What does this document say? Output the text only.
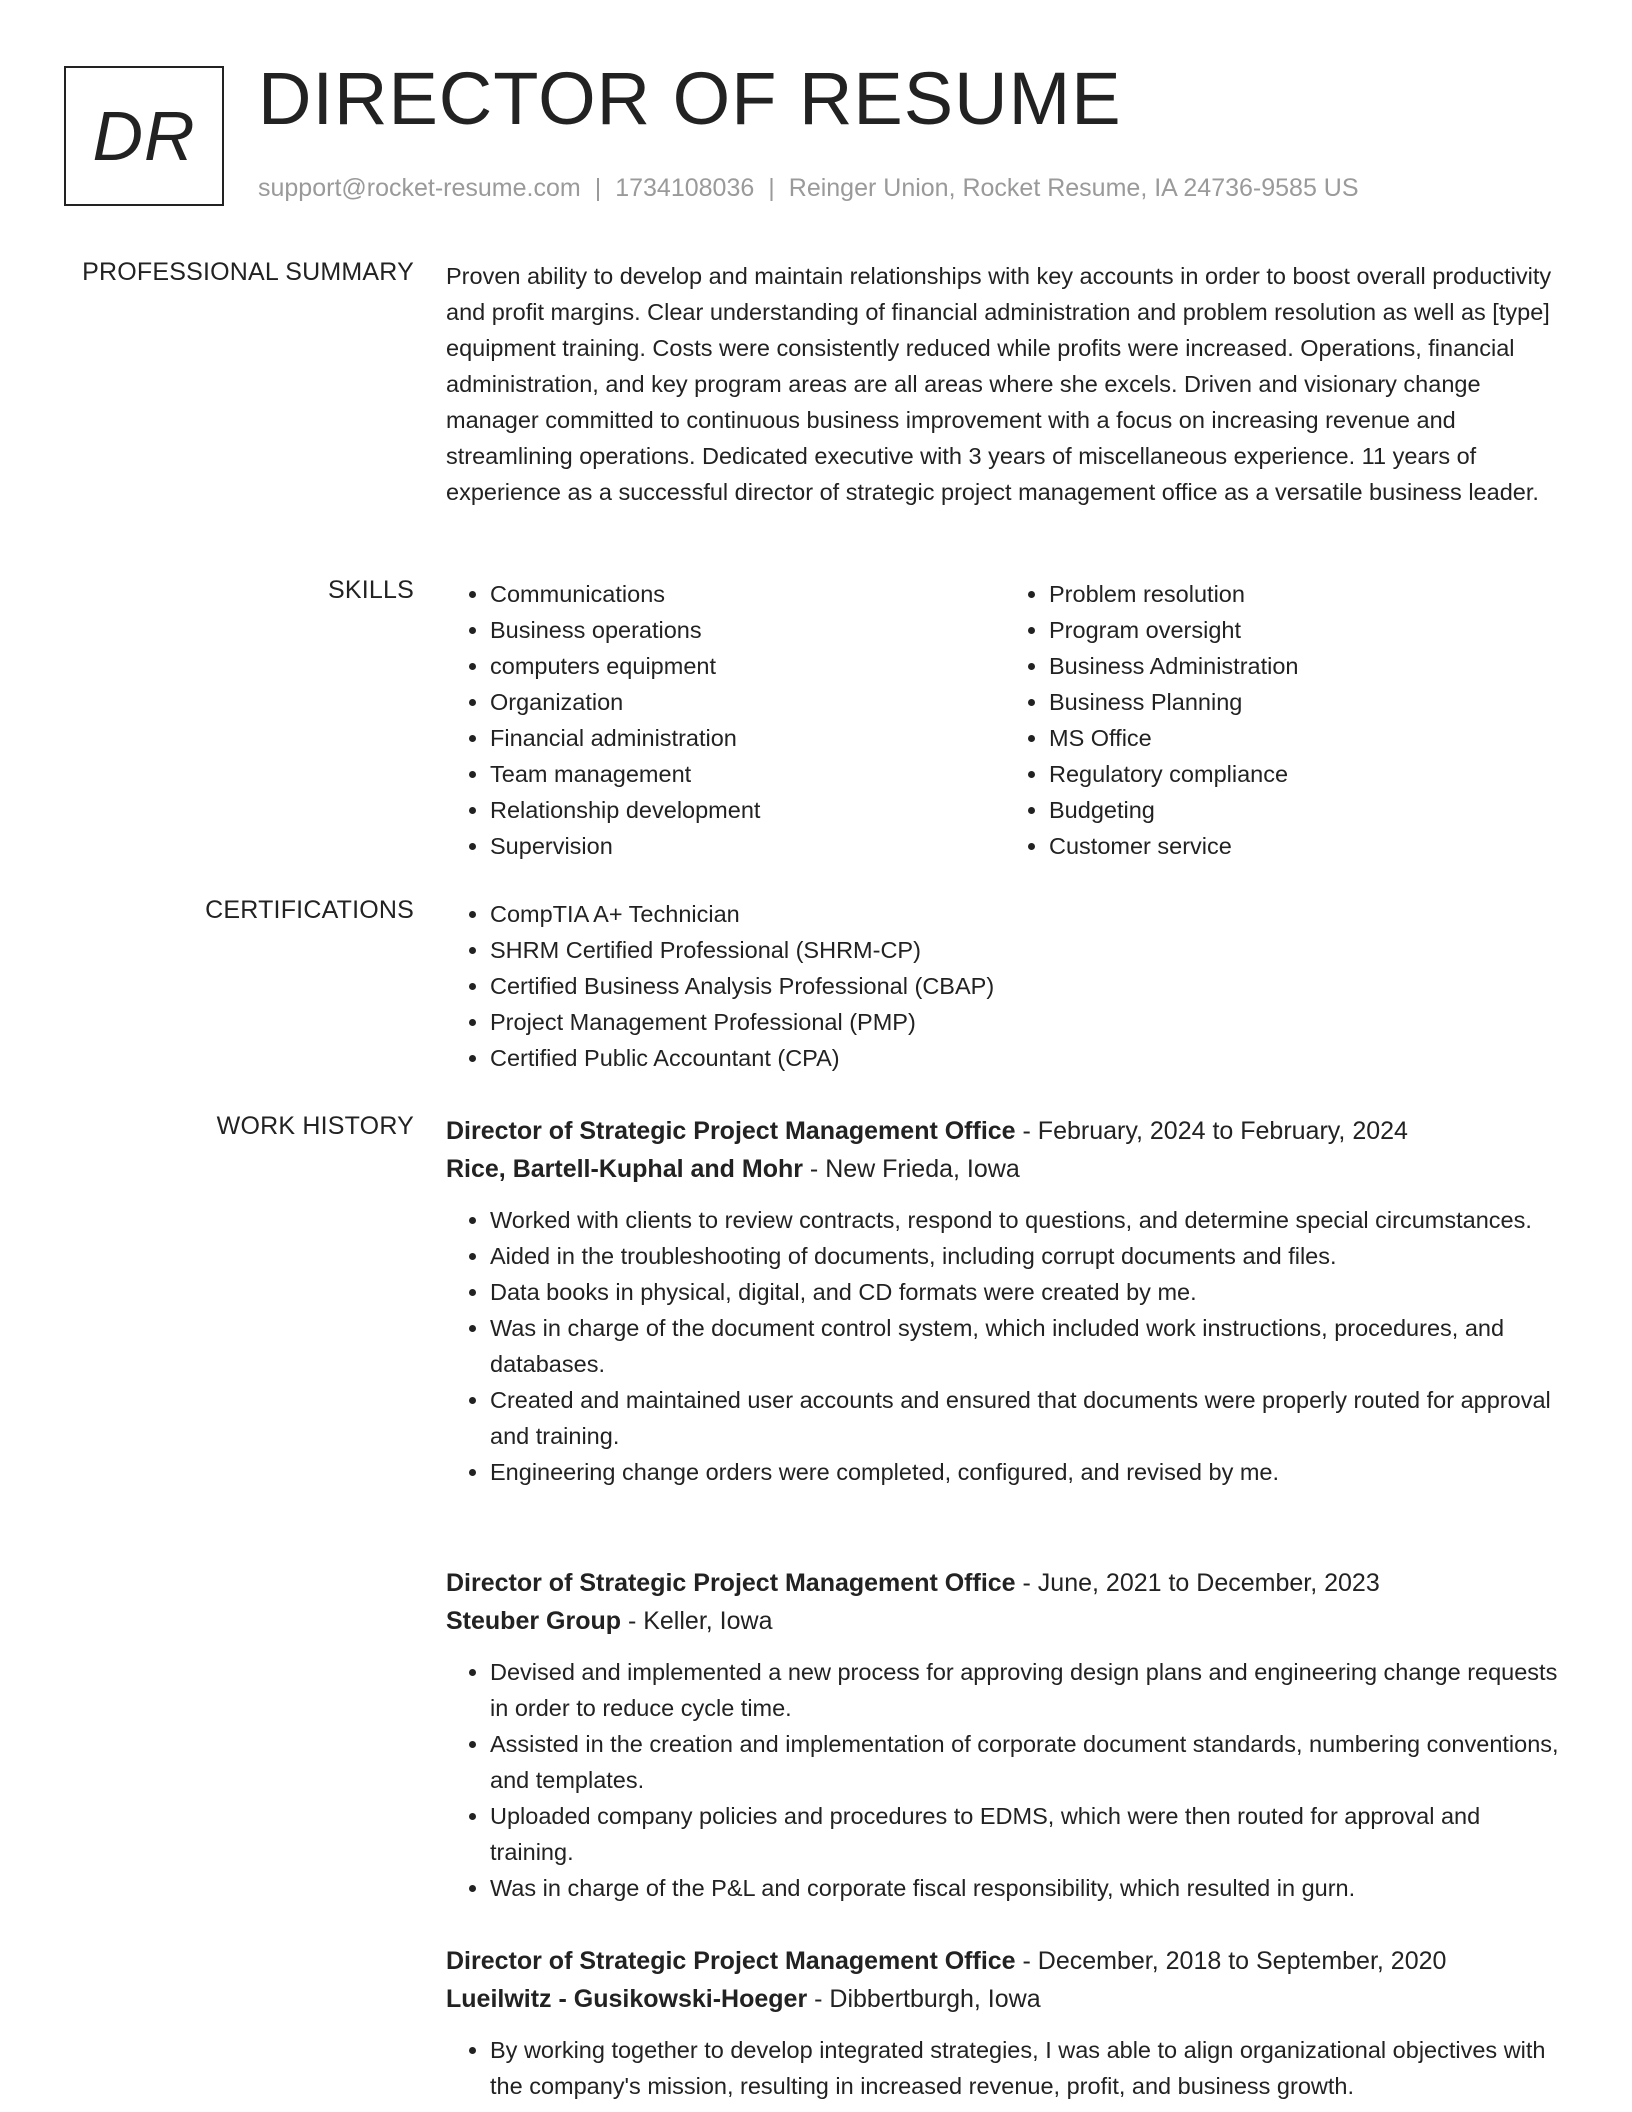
DR DIRECTOR OF RESUME
support@rocket-resume.com | 1734108036 | Reinger Union, Rocket Resume, IA 24736-9585 US
PROFESSIONAL SUMMARY Proven ability to develop and maintain relationships with key accounts in order to boost overall productivity and profit margins. Clear understanding of financial administration and problem resolution as well as [type] equipment training. Costs were consistently reduced while profits were increased. Operations, financial administration, and key program areas are all areas where she excels. Driven and visionary change manager committed to continuous business improvement with a focus on increasing revenue and streamlining operations. Dedicated executive with 3 years of miscellaneous experience. 11 years of experience as a successful director of strategic project management office as a versatile business leader.

SKILLS	• Communications
• Business operations
• computers equipment
• Organization
• Financial administration
• Team management
• Relationship development
• Supervision
• Problem resolution
• Program oversight
• Business Administration
• Business Planning
• MS Office
• Regulatory compliance
• Budgeting
• Customer service
CERTIFICATIONS	• CompTIA A+ Technician
• SHRM Certified Professional (SHRM-CP)
• Certified Business Analysis Professional (CBAP)
• Project Management Professional (PMP)
• Certified Public Accountant (CPA)
WORK HISTORY Director of Strategic Project Management Office - February, 2024 to February, 2024
Rice, Bartell-Kuphal and Mohr - New Frieda, Iowa
• Worked with clients to review contracts, respond to questions, and determine special circumstances.
• Aided in the troubleshooting of documents, including corrupt documents and files.
• Data books in physical, digital, and CD formats were created by me.
• Was in charge of the document control system, which included work instructions, procedures, and databases.
• Created and maintained user accounts and ensured that documents were properly routed for approval and training.
• Engineering change orders were completed, configured, and revised by me.
Director of Strategic Project Management Office - June, 2021 to December, 2023
Steuber Group - Keller, Iowa
• Devised and implemented a new process for approving design plans and engineering change requests in order to reduce cycle time.
• Assisted in the creation and implementation of corporate document standards, numbering conventions, and templates.
• Uploaded company policies and procedures to EDMS, which were then routed for approval and training.
• Was in charge of the P&L and corporate fiscal responsibility, which resulted in gurn.
Director of Strategic Project Management Office - December, 2018 to September, 2020
Lueilwitz - Gusikowski-Hoeger - Dibbertburgh, Iowa
• By working together to develop integrated strategies, I was able to align organizational objectives with the company's mission, resulting in increased revenue, profit, and business growth.
